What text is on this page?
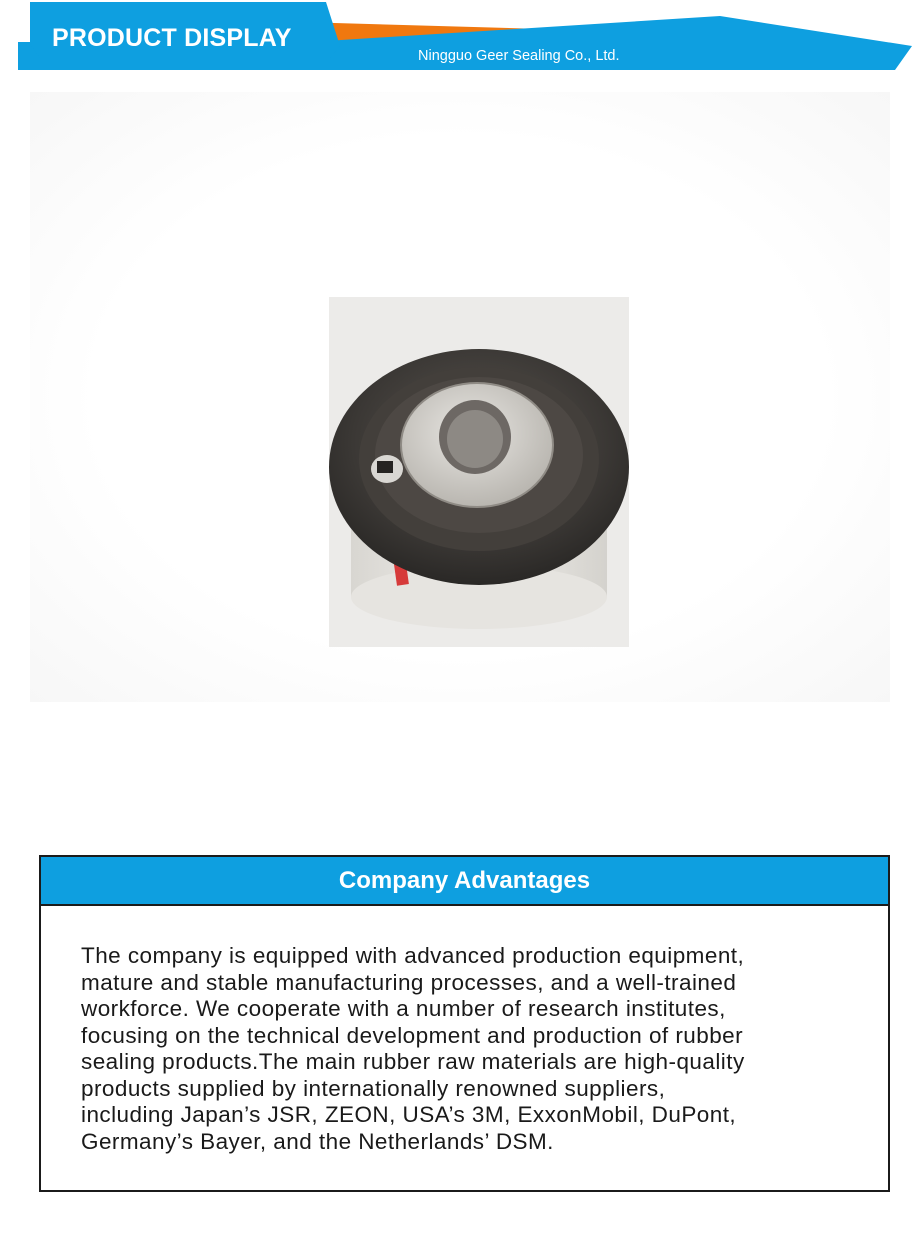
PRODUCT DISPLAY
Ningguo Geer Sealing Co., Ltd.
Company Advantages

The company is equipped with advanced production equipment,
mature and stable manufacturing processes, and a well-trained
workforce. We cooperate with a number of research institutes,
focusing on the technical development and production of rubber
sealing products.The main rubber raw materials are high-quality
products supplied by internationally renowned suppliers,
including Japan’s JSR, ZEON, USA’s 3M, ExxonMobil, DuPont,
Germany’s Bayer, and the Netherlands’ DSM.
